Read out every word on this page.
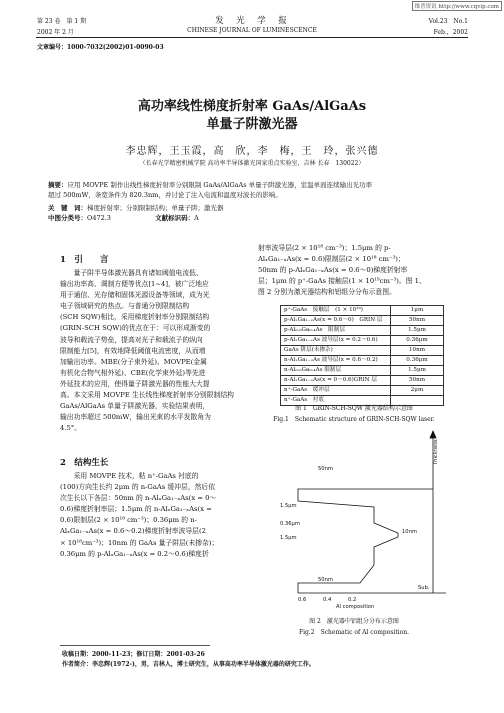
维普资讯 http://www.cqvip.com
第 23 卷　第 1 期
2002 年 2 月
发　光　学　报
CHINESE JOURNAL OF LUMINESCENCE
Vol.23　No.1
Feb.，2002
文章编号：1000-7032(2002)01-0090-03
高功率线性梯度折射率 GaAs/AlGaAs
单量子阱激光器
李忠辉，王玉霞，高　欣，李　梅，王　玲，张兴德
（长春光学精密机械学院 高功率半导体激光国家重点实验室，吉林 长春　130022）
摘要：应用 MOVPE 制作出线性梯度折射率分别限制 GaAs/AlGaAs 单量子阱激光器，室温单面连续输出光功率
超过 500mW，条宽条件为 820.3nm，并讨论了注入电流和温度对波长的影响。
关　键　词：梯度折射率；分别限制结构；单量子阱；激光器
中图分类号：O472.3	文献标识码：A
1　引　　言
　　量子阱半导体激光器具有诸如阈值电流低、
输出功率高、调制方便等优点[1~4]，被广泛地应
用于通信、光存储和固体光源设备等领域，成为光
电子领域研究的热点。与普通分别限制结构
(SCH SQW)相比，采用梯度折射率分别限制结构
(GRIN-SCH SQW)的优点在于：可以形成渐变的
波导和载流子势垒，提高对光子和载流子的纵向
限制能力[5]，有效地降低阈值电流密度，从而增
加输出功率。MBE(分子束外延)、MOVPE(金属
有机化合物气相外延)、CBE(化学束外延)等先进
外延技术的应用，使得量子阱激光器的性能大大提
高。本文采用 MOVPE 生长线性梯度折射率分别限制结构
GaAs/AlGaAs 单量子阱激光器，实验结果表明，
输出功率超过 500mW，输出光束的水平发散角为
4.5°。
2　结构生长
　　采用 MOVPE 技术，粘 n⁺-GaAs 衬底的
(100)方向生长约 2μm 的 n-GaAs 缓冲层，然后依
次生长以下各层：50nm 的 n-AlₓGa₁₋ₓAs(x = 0～
0.6)梯度折射率层；1.5μm 的 n-AlₓGa₁₋ₓAs(x =
0.6)限制层(2 × 10¹⁸ cm⁻³)；0.36μm 的 n-
AlₓGa₁₋ₓAs(x = 0.6～0.2)梯度折射率波导层(2
× 10¹⁸cm⁻³)；10nm 的 GaAs 量子阱层(未掺杂)；
0.36μm 的 p-AlₓGa₁₋ₓAs(x = 0.2～0.6)梯度折
射率波导层(2 × 10¹⁸ cm⁻³)；1.5μm 的 p-
AlₓGa₁₋ₓAs(x = 0.6)限制层(2 × 10¹⁸ cm⁻³)；
50nm 的 p-AlₓGa₁₋ₓAs(x = 0.6～0)梯度折射率
层；1μm 的 p⁺-GaAs 接触层(1 × 10¹⁹cm⁻³)。图 1、
图 2 分别为激光器结构和铝组分分布示意图。
p⁺-GaAs　接触层　(1 × 10¹⁹)	1μm
p-AlₓGa₁₋ₓAs(x = 0.6～0)　GRIN 层	50nm
p-Al₀.₆Ga₀.₄As　限制层	1.5μm
p-AlₓGa₁₋ₓAs 波导层(x = 0.2～0.6)	0.36μm
GaAs 阱层(未掺杂)	10nm
n-AlₓGa₁₋ₓAs 波导层(x = 0.6～0.2)	0.36μm
n-Al₀.₆Ga₀.₄As 限制层	1.5μm
n-AlₓGa₁₋ₓAs(x = 0～0.6)GRIN 层	50nm
n⁺-GaAs　缓冲层	2μm
n⁺-GaAs　衬底	
图 1　GRIN-SCH-SQW 激光器结构示意图
Fig.1　Schematic structure of GRIN-SCH-SQW laser.
50nm
Thickness
1.5μm
0.36μm
1.5μm
10nm
50nm
Sub.
0.6	0.4	0.2
Al composition
图 2　激光器中铝组分分布示意图
Fig.2　Schematic of Al composition.
收稿日期：2000-11-23；修订日期：2001-03-26
作者简介：李忠辉(1972-)，男，吉林人，博士研究生，从事高功率半导体激光器的研究工作。
